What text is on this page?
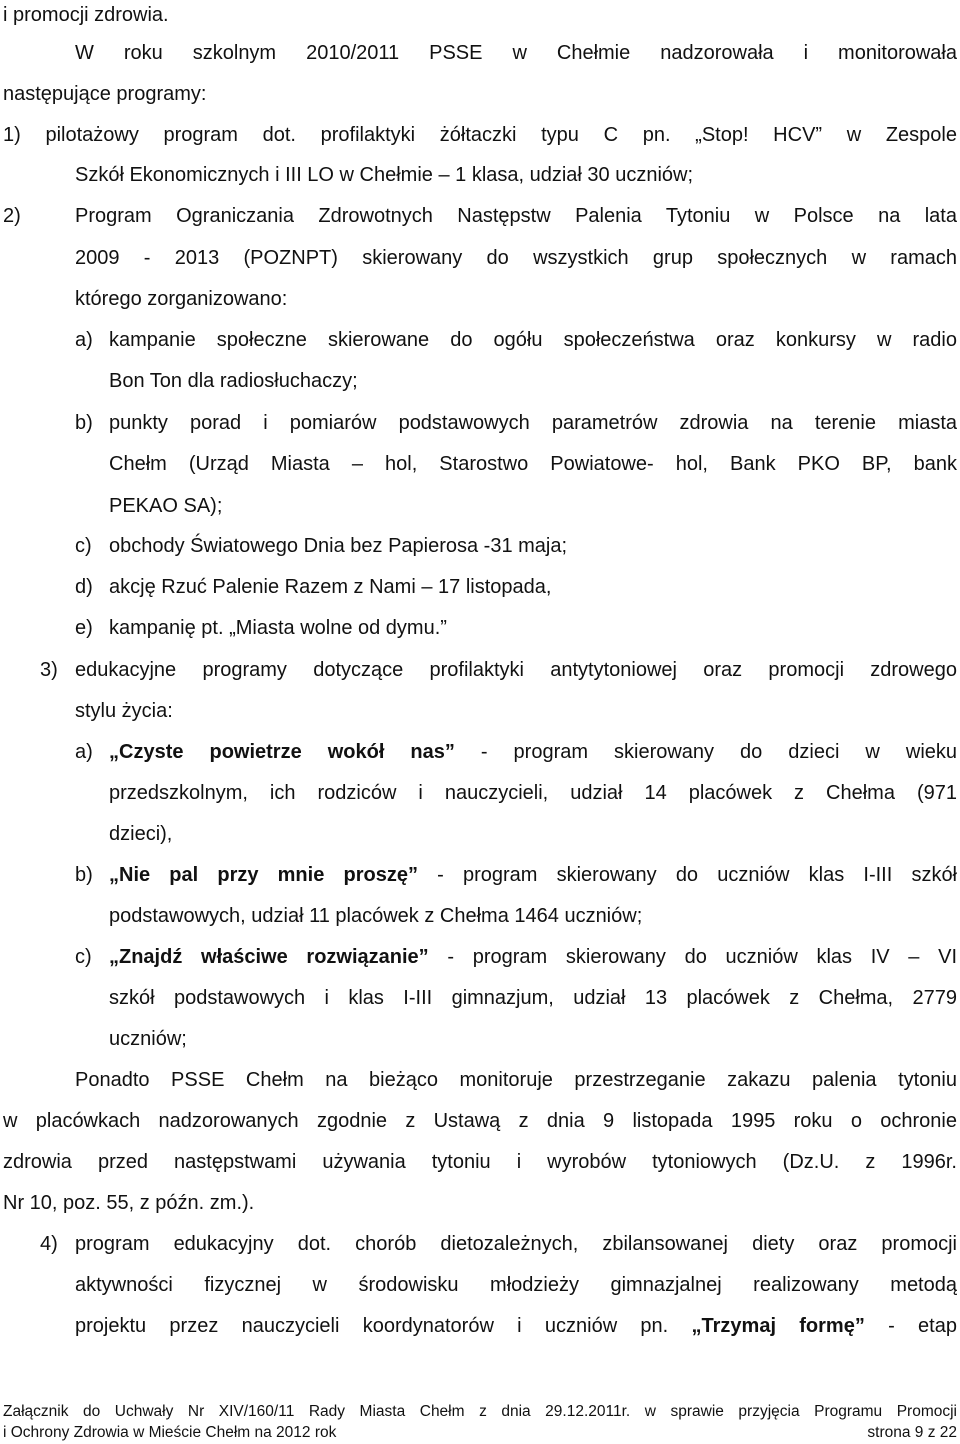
i promocji zdrowia.

W roku szkolnym 2010/2011 PSSE w Chełmie nadzorowała i monitorowała

następujące programy:

1) pilotażowy program dot. profilaktyki żółtaczki typu C pn. „Stop! HCV” w Zespole

Szkół Ekonomicznych i III LO w Chełmie – 1 klasa, udział 30 uczniów;

2)	Program Ograniczania Zdrowotnych Następstw Palenia Tytoniu w Polsce na lata

2009 - 2013 (POZNPT) skierowany do wszystkich grup społecznych w ramach

którego zorganizowano:

a) kampanie społeczne skierowane do ogółu społeczeństwa oraz konkursy w radio

Bon Ton dla radiosłuchaczy;

b) punkty porad i pomiarów podstawowych parametrów zdrowia na terenie miasta

Chełm (Urząd Miasta – hol, Starostwo Powiatowe- hol, Bank PKO BP, bank

PEKAO SA);

c) obchody Światowego Dnia bez Papierosa -31 maja;

d) akcję Rzuć Palenie Razem z Nami – 17 listopada,

e) kampanię pt. „Miasta wolne od dymu.”

3) edukacyjne programy dotyczące profilaktyki antytytoniowej oraz promocji zdrowego

stylu życia:

a) „Czyste powietrze wokół nas” - program skierowany do dzieci w wieku

przedszkolnym, ich rodziców i nauczycieli, udział 14 placówek z Chełma (971

dzieci),

b) „Nie pal przy mnie proszę” - program skierowany do uczniów klas I-III szkół

podstawowych, udział 11 placówek z Chełma 1464 uczniów;

c) „Znajdź właściwe rozwiązanie” - program skierowany do uczniów klas IV – VI

szkół podstawowych i klas I-III gimnazjum, udział 13 placówek z Chełma, 2779

uczniów;

Ponadto PSSE Chełm na bieżąco monitoruje przestrzeganie zakazu palenia tytoniu

w placówkach nadzorowanych zgodnie z Ustawą z dnia 9 listopada 1995 roku o ochronie

zdrowia przed następstwami używania tytoniu i wyrobów tytoniowych (Dz.U. z 1996r.

Nr 10, poz. 55, z późn. zm.).

4) program edukacyjny dot. chorób dietozależnych, zbilansowanej diety oraz promocji

aktywności fizycznej w środowisku młodzieży gimnazjalnej realizowany metodą

projektu przez nauczycieli koordynatorów i uczniów pn. „Trzymaj formę” - etap

Załącznik do Uchwały Nr XIV/160/11 Rady Miasta Chełm z dnia 29.12.2011r. w sprawie przyjęcia Programu Promocji
i Ochrony Zdrowia w Mieście Chełm na 2012 rok	strona 9 z 22
